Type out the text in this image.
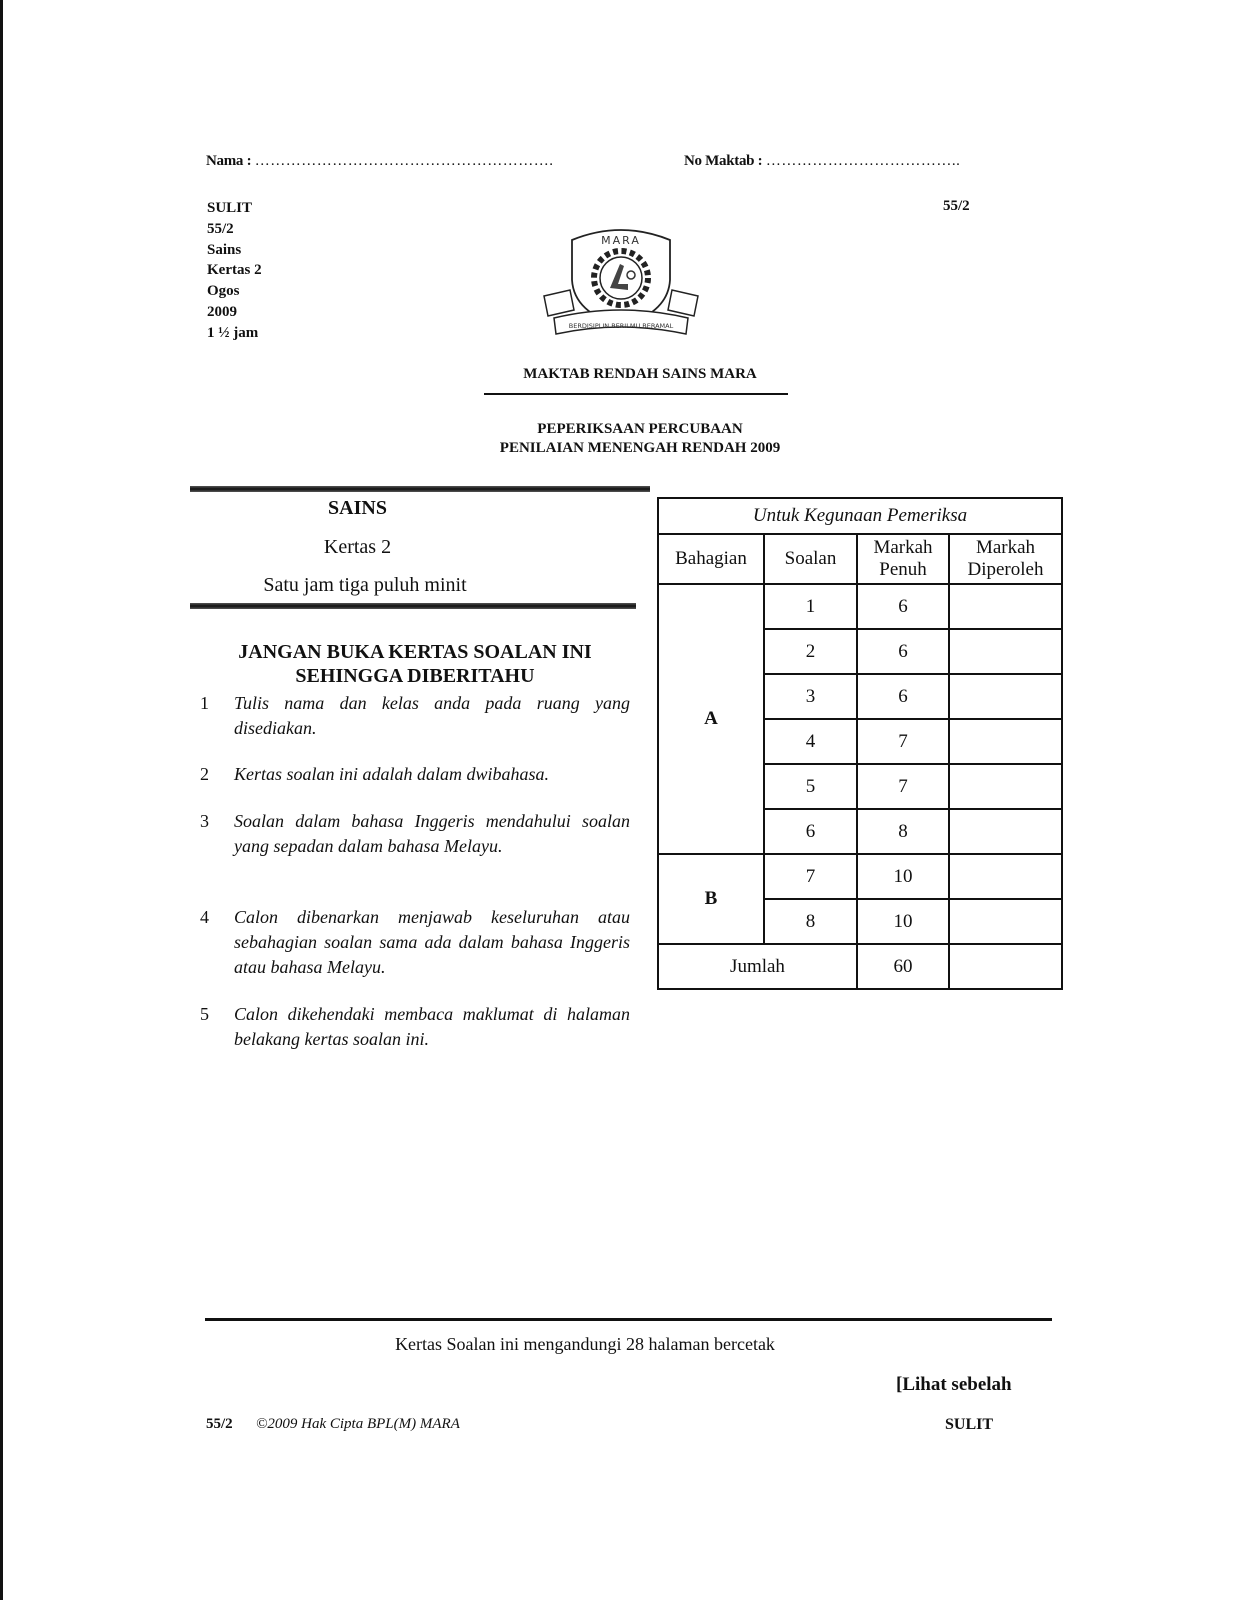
Nama : ………………………………………………….	No Maktab : ………………………………..
SULIT
55/2
Sains
Kertas 2
Ogos
2009
1 ½ jam
55/2
MARA
BERDISIPLIN BERILMU BERAMAL
MAKTAB RENDAH SAINS MARA
PEPERIKSAAN PERCUBAAN
PENILAIAN MENENGAH RENDAH 2009
SAINS
Kertas 2
Satu jam tiga puluh minit
JANGAN BUKA KERTAS SOALAN INI
SEHINGGA DIBERITAHU
1 Tulis nama dan kelas anda pada ruang yang disediakan.
2 Kertas soalan ini adalah dalam dwibahasa.
3 Soalan dalam bahasa Inggeris mendahului soalan yang sepadan dalam bahasa Melayu.
4 Calon dibenarkan menjawab keseluruhan atau sebahagian soalan sama ada dalam bahasa Inggeris atau bahasa Melayu.
5 Calon dikehendaki membaca maklumat di halaman belakang kertas soalan ini.
Untuk Kegunaan Pemeriksa			
Bahagian	Soalan	Markah Penuh	Markah Diperoleh
A	1	6	
	2	6	
	3	6	
	4	7	
	5	7	
	6	8	
B	7	10	
	8	10	
Jumlah		60	
Kertas Soalan ini mengandungi 28 halaman bercetak
[Lihat sebelah
55/2 ©2009 Hak Cipta BPL(M) MARA	SULIT
